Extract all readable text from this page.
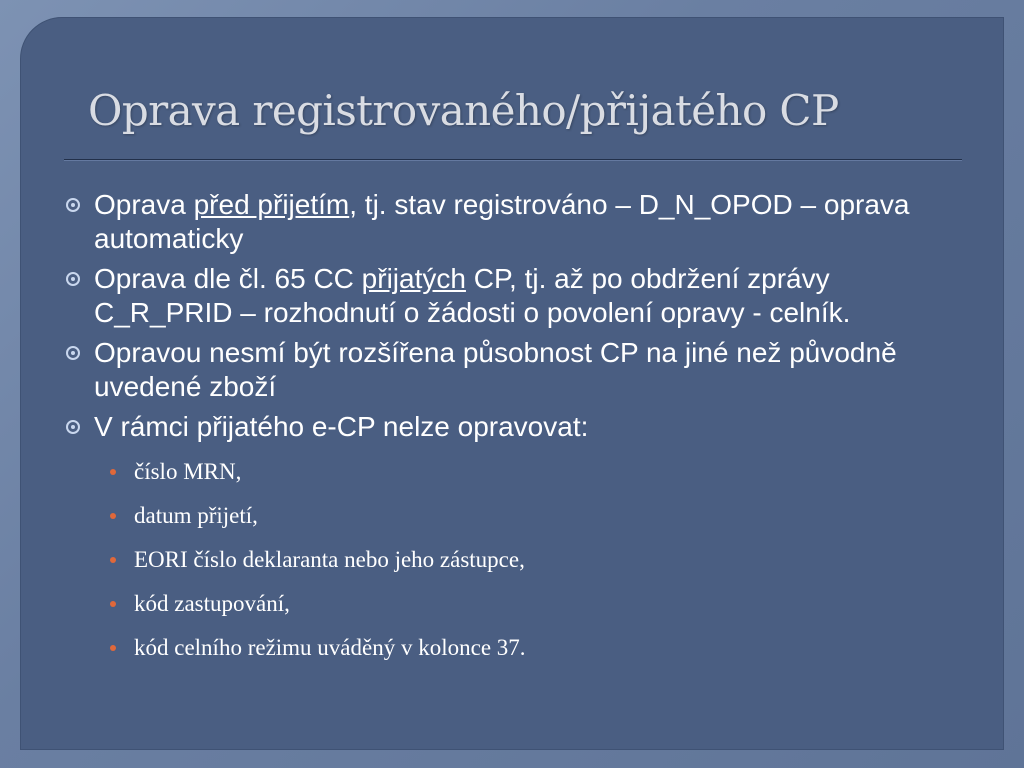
Oprava registrovaného/přijatého CP
Oprava před přijetím, tj. stav registrováno – D_N_OPOD – oprava automaticky
Oprava dle čl. 65 CC přijatých CP, tj. až po obdržení zprávy C_R_PRID – rozhodnutí o žádosti o povolení opravy - celník.
Opravou nesmí být rozšířena působnost CP na jiné než původně uvedené zboží
V rámci přijatého e-CP nelze opravovat:
číslo MRN,
datum přijetí,
EORI číslo deklaranta nebo jeho zástupce,
kód zastupování,
kód celního režimu uváděný v kolonce 37.
